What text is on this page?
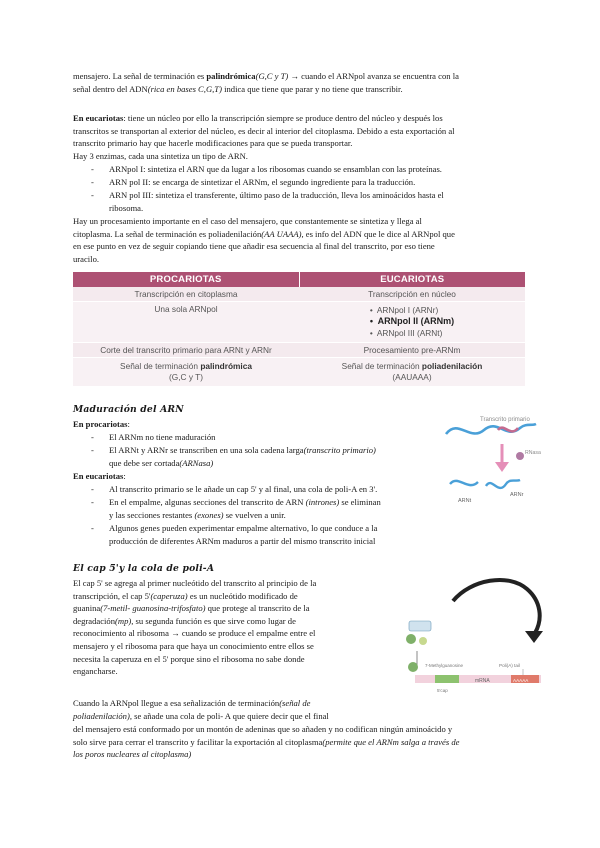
mensajero. La señal de terminación es palindrómica(G,C y T) → cuando el ARNpol avanza se encuentra con la
señal dentro del ADN(rica en bases C,G,T) indica que tiene que parar y no tiene que transcribir.

En eucariotas: tiene un núcleo por ello la transcripción siempre se produce dentro del núcleo y después los
transcritos se transportan al exterior del núcleo, es decir al interior del citoplasma. Debido a esta exportación al
transcrito primario hay que hacerle modificaciones para que se pueda transportar.
Hay 3 enzimas, cada una sintetiza un tipo de ARN.

- ARNpol I: sintetiza el ARN que da lugar a los ribosomas cuando se ensamblan con las proteínas.

- ARN pol II: se encarga de sintetizar el ARNm, el segundo ingrediente para la traducción.

- ARN pol III: sintetiza el transferente, último paso de la traducción, lleva los aminoácidos hasta el

ribosoma.

Hay un procesamiento importante en el caso del mensajero, que constantemente se sintetiza y llega al
citoplasma. La señal de terminación es poliadenilación(AA UAAA), es info del ADN que le dice al ARNpol que
en ese punto en vez de seguir copiando tiene que añadir esa secuencia al final del transcrito, por eso tiene
uracilo.

PROCARIOTAS	EUCARIOTAS
Transcripción en citoplasma	Transcripción en núcleo
Una sola ARNpol	•  ARNpol I (ARNr)
•  ARNpol II (ARNm)
•  ARNpol III (ARNt)
Corte del transcrito primario para ARNt y ARNr	Procesamiento pre-ARNm
Señal de terminación palindrómica
(G,C y T)	Señal de terminación poliadenilación
(AAUAAA)
Maduración del ARN

En procariotas:

- El ARNm no tiene maduración

- El ARNt y ARNr se transcriben en una sola cadena larga(transcrito primario)

que debe ser cortada(ARNasa)

En eucariotas:

- Al transcrito primario se le añade un cap 5' y al final, una cola de poli-A en 3'.

- En el empalme, algunas secciones del transcrito de ARN (intrones) se eliminan

y las secciones restantes (exones) se vuelven a unir.

- Algunos genes pueden experimentar empalme alternativo, lo que conduce a la

producción de diferentes ARNm maduros a partir del mismo transcrito inicial

Transcrito primario
RNasa
ARNt
ARNr
El cap 5'y la cola de poli-A

El cap 5' se agrega al primer nucleótido del transcrito al principio de la
transcripción, el cap 5'(caperuza) es un nucleótido modificado de
guanina(7-metil- guanosina-trifosfato) que protege al transcrito de la
degradación(mp), su segunda función es que sirve como lugar de
reconocimiento al ribosoma → cuando se produce el empalme entre el
mensajero y el ribosoma para que haya un conocimiento entre ellos se
necesita la caperuza en el 5' porque sino el ribosoma no sabe donde
engancharse.

Cuando la ARNpol llegue a esa señalización de terminación(señal de
poliadenilación), se añade una cola de poli- A que quiere decir que el final

del mensajero está conformado por un montón de adeninas que so añaden y no codifican ningún aminoácido y
solo sirve para cerrar el transcrito y facilitar la exportación al citoplasma(permite que el ARNm salga a través de
los poros nucleares al citoplasma)

7-Methylguanosine
mRNA	AAAAA
5'cap
Poli(A) tail
